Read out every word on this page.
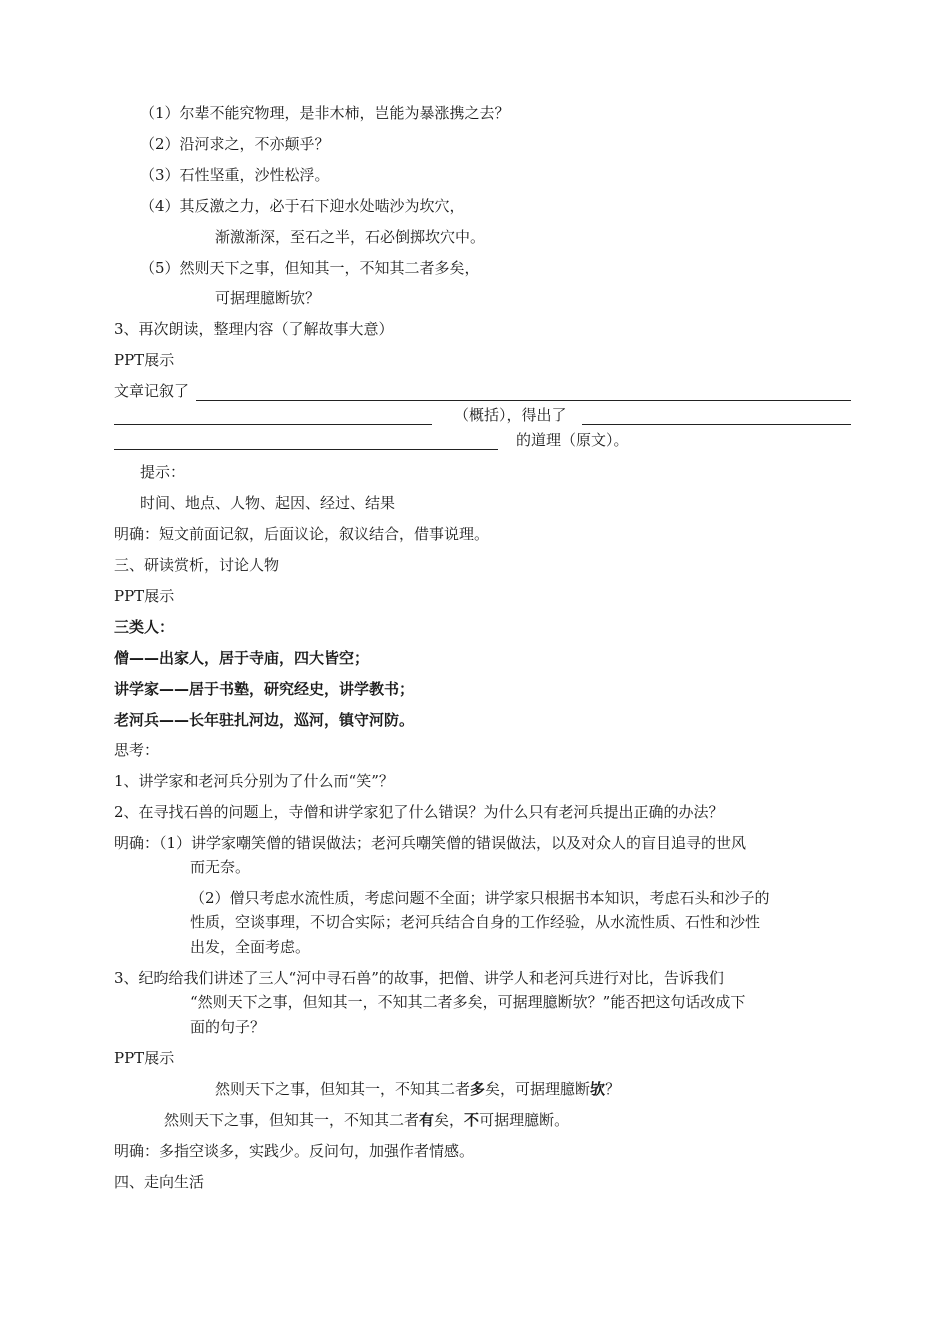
（1）尔辈不能究物理，是非木柿，岂能为暴涨携之去？
（2）沿河求之，不亦颠乎？
（3）石性坚重，沙性松浮。
（4）其反激之力，必于石下迎水处啮沙为坎穴，
渐激渐深，至石之半，石必倒掷坎穴中。
（5）然则天下之事，但知其一，不知其二者多矣，
可据理臆断欤？
3、再次朗读，整理内容（了解故事大意）
PPT展示
文章记叙了
（概括），得出了
的道理（原文）。
提示：
时间、地点、人物、起因、经过、结果
明确：短文前面记叙，后面议论，叙议结合，借事说理。
三、研读赏析，讨论人物
PPT展示
三类人：
僧——出家人，居于寺庙，四大皆空；
讲学家——居于书塾，研究经史，讲学教书；
老河兵——长年驻扎河边，巡河，镇守河防。
思考：
1、讲学家和老河兵分别为了什么而“笑”？
2、在寻找石兽的问题上，寺僧和讲学家犯了什么错误？为什么只有老河兵提出正确的办法？
明确：（1）讲学家嘲笑僧的错误做法；老河兵嘲笑僧的错误做法，以及对众人的盲目追寻的世风
而无奈。
（2）僧只考虑水流性质，考虑问题不全面；讲学家只根据书本知识，考虑石头和沙子的
性质，空谈事理，不切合实际；老河兵结合自身的工作经验，从水流性质、石性和沙性
出发，全面考虑。
3、纪昀给我们讲述了三人“河中寻石兽”的故事，把僧、讲学人和老河兵进行对比，告诉我们
“然则天下之事，但知其一，不知其二者多矣，可据理臆断欤？”能否把这句话改成下
面的句子？
PPT展示
然则天下之事，但知其一，不知其二者多矣，可据理臆断欤？
然则天下之事，但知其一，不知其二者有矣，不可据理臆断。
明确：多指空谈多，实践少。反问句，加强作者情感。
四、走向生活
